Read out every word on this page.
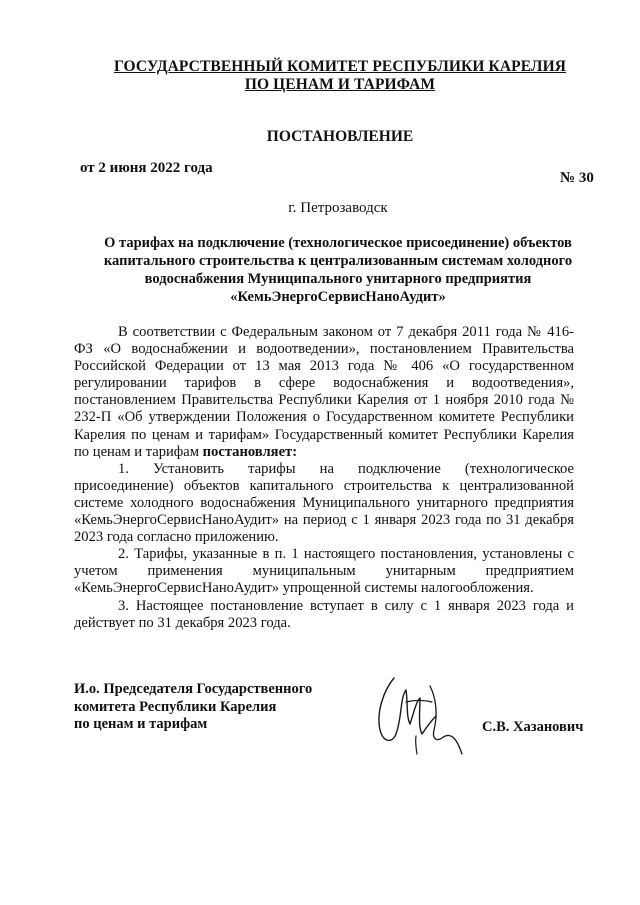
ГОСУДАРСТВЕННЫЙ КОМИТЕТ РЕСПУБЛИКИ КАРЕЛИЯ
ПО ЦЕНАМ И ТАРИФАМ
ПОСТАНОВЛЕНИЕ
от 2 июня 2022 года
№ 30
г. Петрозаводск
О тарифах на подключение (технологическое присоединение) объектов
капитального строительства к централизованным системам холодного
водоснабжения Муниципального унитарного предприятия
«КемьЭнергоСервисНаноАудит»

В соответствии с Федеральным законом от 7 декабря 2011 года № 416-ФЗ «О водоснабжении и водоотведении», постановлением Правительства Российской Федерации от 13 мая 2013 года № 406 «О государственном регулировании тарифов в сфере водоснабжения и водоотведения», постановлением Правительства Республики Карелия от 1 ноября 2010 года № 232-П «Об утверждении Положения о Государственном комитете Республики Карелия по ценам и тарифам» Государственный комитет Республики Карелия по ценам и тарифам постановляет:

1. Установить тарифы на подключение (технологическое присоединение) объектов капитального строительства к централизованной системе холодного водоснабжения Муниципального унитарного предприятия «КемьЭнергоСервисНаноАудит» на период с 1 января 2023 года по 31 декабря 2023 года согласно приложению.

2. Тарифы, указанные в п. 1 настоящего постановления, установлены с учетом применения муниципальным унитарным предприятием «КемьЭнергоСервисНаноАудит» упрощенной системы налогообложения.

3. Настоящее постановление вступает в силу с 1 января 2023 года и действует по 31 декабря 2023 года.

И.о. Председателя Государственного
комитета Республики Карелия
по ценам и тарифам	С.В. Хазанович
